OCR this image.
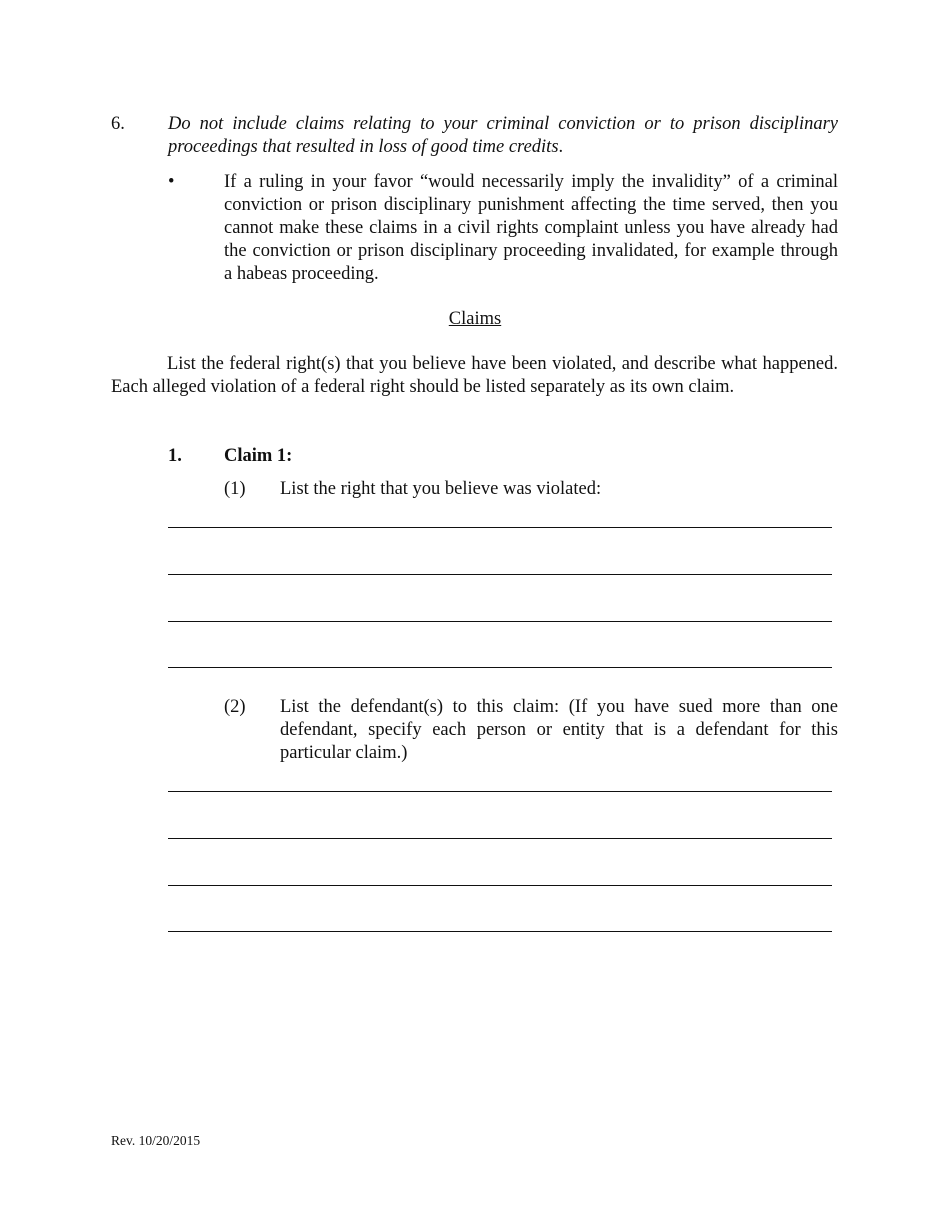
6. Do not include claims relating to your criminal conviction or to prison disciplinary proceedings that resulted in loss of good time credits.
•	If a ruling in your favor “would necessarily imply the invalidity” of a criminal conviction or prison disciplinary punishment affecting the time served, then you cannot make these claims in a civil rights complaint unless you have already had the conviction or prison disciplinary proceeding invalidated, for example through a habeas proceeding.
Claims
List the federal right(s) that you believe have been violated, and describe what happened. Each alleged violation of a federal right should be listed separately as its own claim.
1. Claim 1:
(1) List the right that you believe was violated:
(2) List the defendant(s) to this claim: (If you have sued more than one defendant, specify each person or entity that is a defendant for this particular claim.)
Rev. 10/20/2015
